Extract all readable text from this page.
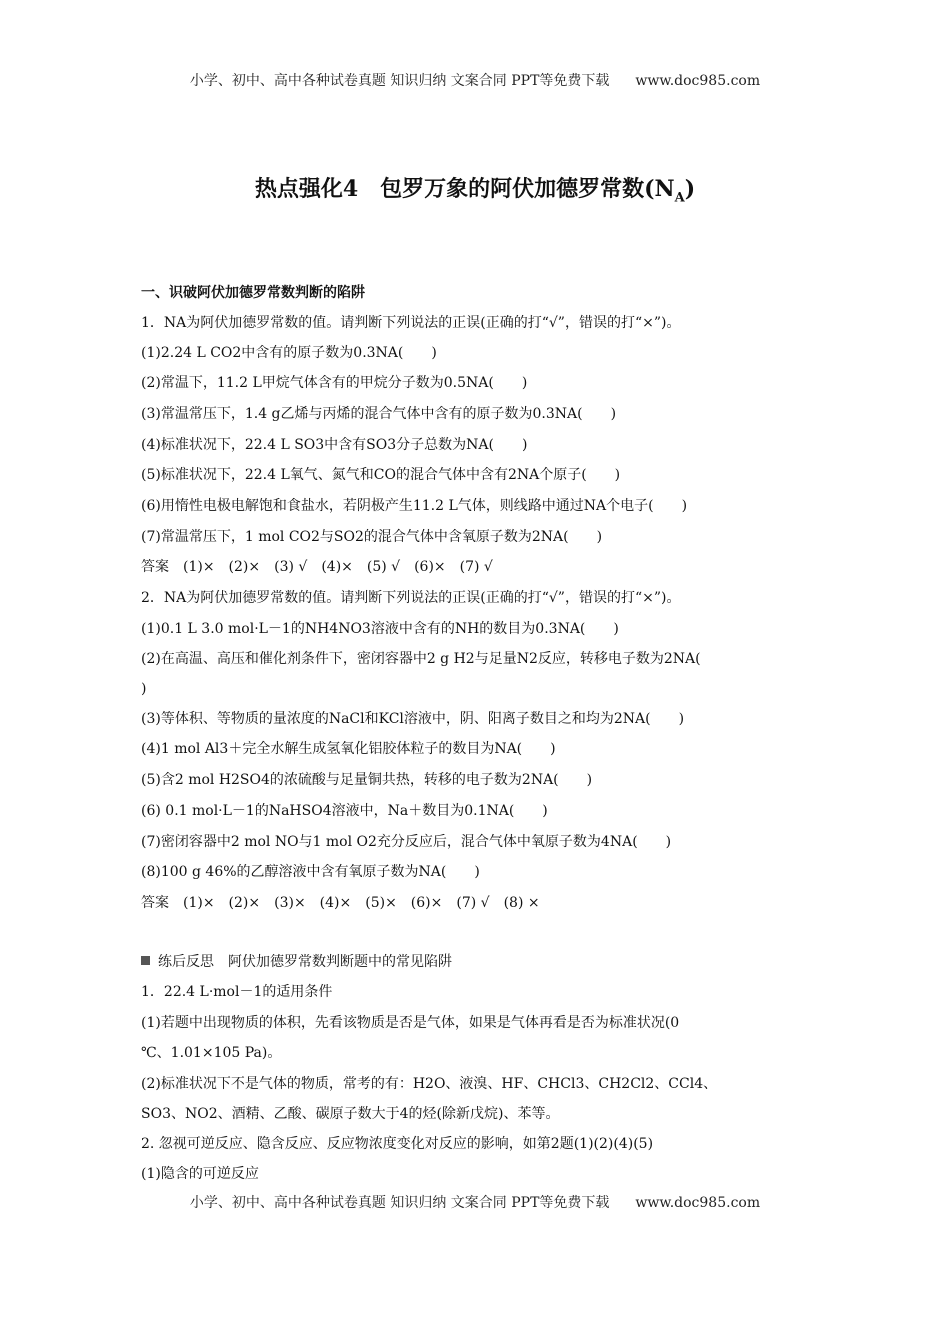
小学、初中、高中各种试卷真题 知识归纳 文案合同 PPT等免费下载 www.doc985.com
热点强化4 包罗万象的阿伏加德罗常数$(N_A)$
一、识破阿伏加德罗常数判断的陷阱
1．NA为阿伏加德罗常数的值。请判断下列说法的正误(正确的打“√”，错误的打“×”)。
(1)2.24 L CO2中含有的原子数为0.3NA(　　)
(2)常温下，11.2 L甲烷气体含有的甲烷分子数为0.5NA(　　)
(3)常温常压下，1.4 g乙烯与丙烯的混合气体中含有的原子数为0.3NA(　　)
(4)标准状况下，22.4 L SO3中含有SO3分子总数为NA(　　)
(5)标准状况下，22.4 L氧气、氮气和CO的混合气体中含有2NA个原子(　　)
(6)用惰性电极电解饱和食盐水，若阴极产生11.2 L气体，则线路中通过NA个电子(　　)
(7)常温常压下，1 mol CO2与SO2的混合气体中含氧原子数为2NA(　　)
答案　(1)×　(2)×　(3) √　(4)×　(5) √　(6)×　(7) √
2．NA为阿伏加德罗常数的值。请判断下列说法的正误(正确的打“√”，错误的打“×”)。
(1)0.1 L 3.0 mol·L－1的NH4NO3溶液中含有的NH的数目为0.3NA(　　)
(2)在高温、高压和催化剂条件下，密闭容器中2 g H2与足量N2反应，转移电子数为2NA(
)
(3)等体积、等物质的量浓度的NaCl和KCl溶液中，阴、阳离子数目之和均为2NA(　　)
(4)1 mol Al3＋完全水解生成氢氧化铝胶体粒子的数目为NA(　　)
(5)含2 mol H2SO4的浓硫酸与足量铜共热，转移的电子数为2NA(　　)
(6) 0.1 mol·L－1的NaHSO4溶液中，Na＋数目为0.1NA(　　)
(7)密闭容器中2 mol NO与1 mol O2充分反应后，混合气体中氧原子数为4NA(　　)
(8)100 g 46%的乙醇溶液中含有氧原子数为NA(　　)
答案　(1)×　(2)×　(3)×　(4)×　(5)×　(6)×　(7) √　(8) ×
练后反思　阿伏加德罗常数判断题中的常见陷阱
1．22.4 L·mol－1的适用条件
(1)若题中出现物质的体积，先看该物质是否是气体，如果是气体再看是否为标准状况(0
℃、1.01×105 Pa)。
(2)标准状况下不是气体的物质，常考的有：H2O、液溴、HF、CHCl3、CH2Cl2、CCl4、
SO3、NO2、酒精、乙酸、碳原子数大于4的烃(除新戊烷)、苯等。
2. 忽视可逆反应、隐含反应、反应物浓度变化对反应的影响，如第2题(1)(2)(4)(5)
(1)隐含的可逆反应
小学、初中、高中各种试卷真题 知识归纳 文案合同 PPT等免费下载 www.doc985.com
